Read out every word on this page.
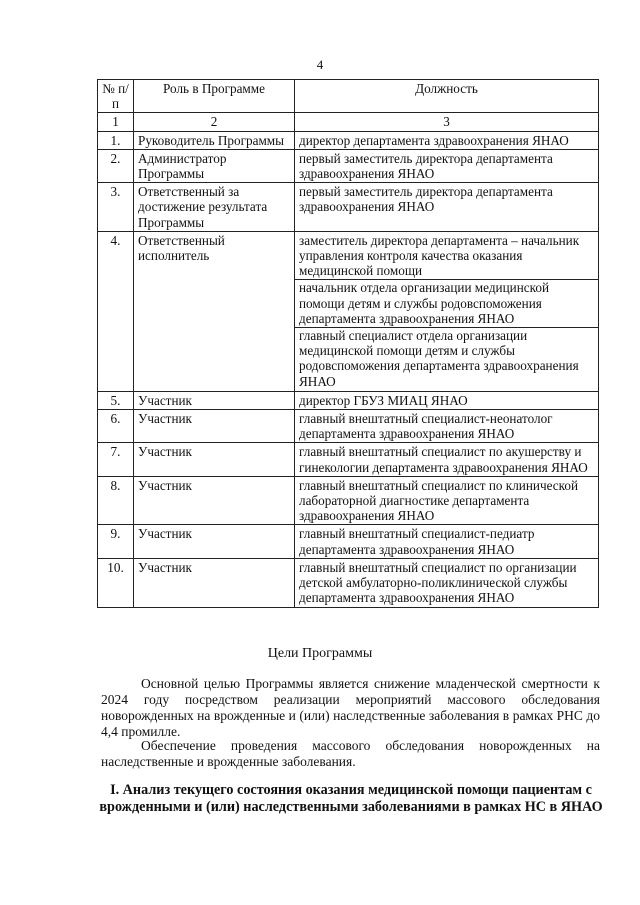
4
№ п/п	Роль в Программе	Должность
1	2	3
1.	Руководитель Программы	директор департамента здравоохранения ЯНАО
2.	Администратор Программы	первый заместитель директора департамента здравоохранения ЯНАО
3.	Ответственный за достижение результата Программы	первый заместитель директора департамента здравоохранения ЯНАО
4.	Ответственный исполнитель	заместитель директора департамента – начальник управления контроля качества оказания медицинской помощи
начальник отдела организации медицинской помощи детям и службы родовспоможения департамента здравоохранения ЯНАО
главный специалист отдела организации медицинской помощи детям и службы родовспоможения департамента здравоохранения ЯНАО

5.	Участник	директор ГБУЗ МИАЦ ЯНАО
6.	Участник	главный внештатный специалист-неонатолог департамента здравоохранения ЯНАО
7.	Участник	главный внештатный специалист по акушерству и гинекологии департамента здравоохранения ЯНАО
8.	Участник	главный внештатный специалист по клинической лабораторной диагностике департамента здравоохранения ЯНАО
9.	Участник	главный внештатный специалист-педиатр департамента здравоохранения ЯНАО
10.	Участник	главный внештатный специалист по организации детской амбулаторно-поликлинической службы департамента здравоохранения ЯНАО
Цели Программы

Основной целью Программы является снижение младенческой смертности к 2024 году посредством реализации мероприятий массового обследования новорожденных на врожденные и (или) наследственные заболевания в рамках РНС до 4,4 промилле.

Обеспечение проведения массового обследования новорожденных на наследственные и врожденные заболевания.

I. Анализ текущего состояния оказания медицинской помощи пациентам с врожденными и (или) наследственными заболеваниями в рамках НС в ЯНАО
